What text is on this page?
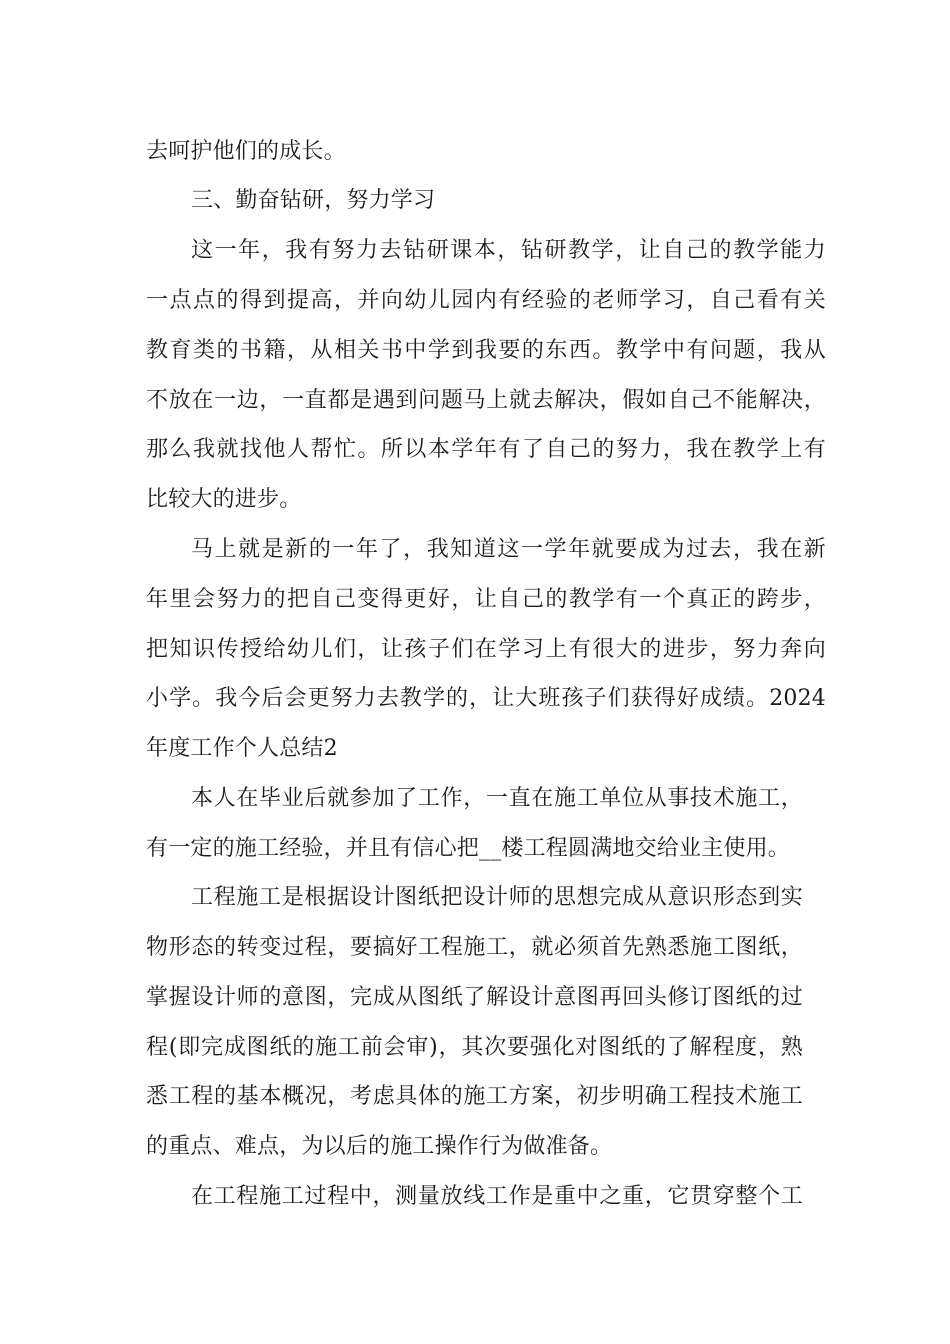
去呵护他们的成长。
三、勤奋钻研，努力学习
这一年，我有努力去钻研课本，钻研教学，让自己的教学能力
一点点的得到提高，并向幼儿园内有经验的老师学习，自己看有关
教育类的书籍，从相关书中学到我要的东西。教学中有问题，我从
不放在一边，一直都是遇到问题马上就去解决，假如自己不能解决，
那么我就找他人帮忙。所以本学年有了自己的努力，我在教学上有
比较大的进步。
马上就是新的一年了，我知道这一学年就要成为过去，我在新
年里会努力的把自己变得更好，让自己的教学有一个真正的跨步，
把知识传授给幼儿们，让孩子们在学习上有很大的进步，努力奔向
小学。我今后会更努力去教学的，让大班孩子们获得好成绩。2024
年度工作个人总结2
本人在毕业后就参加了工作，一直在施工单位从事技术施工，
有一定的施工经验，并且有信心把__楼工程圆满地交给业主使用。
工程施工是根据设计图纸把设计师的思想完成从意识形态到实
物形态的转变过程，要搞好工程施工，就必须首先熟悉施工图纸，
掌握设计师的意图，完成从图纸了解设计意图再回头修订图纸的过
程(即完成图纸的施工前会审)，其次要强化对图纸的了解程度，熟
悉工程的基本概况，考虑具体的施工方案，初步明确工程技术施工
的重点、难点，为以后的施工操作行为做准备。
在工程施工过程中，测量放线工作是重中之重，它贯穿整个工
